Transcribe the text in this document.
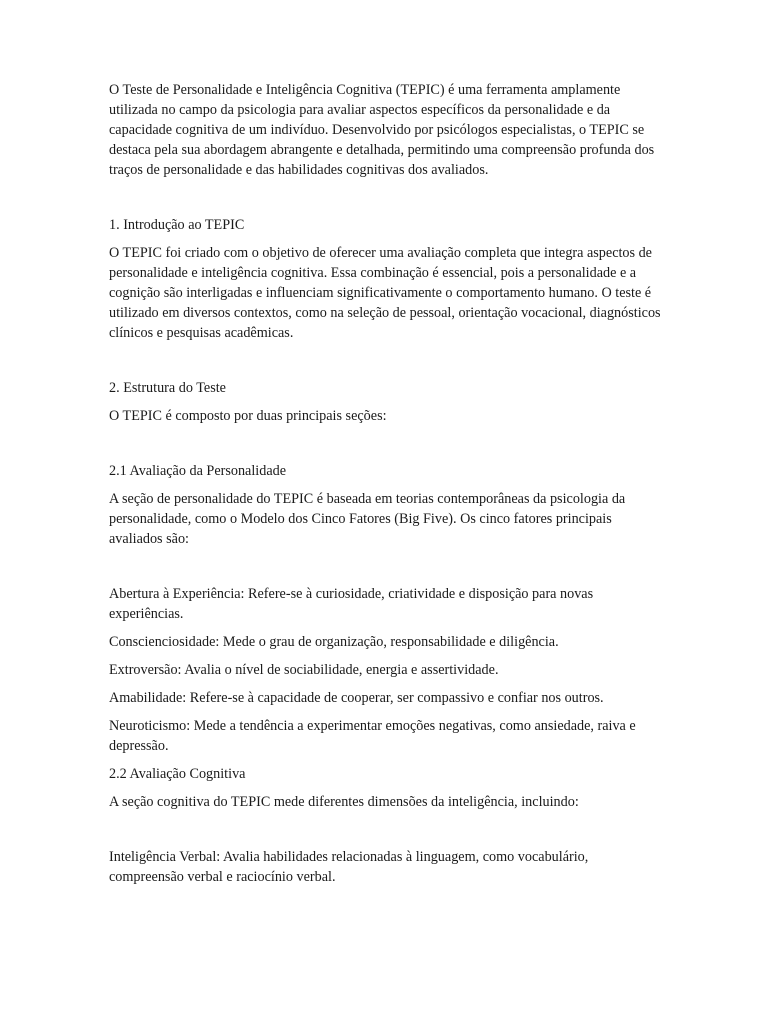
O Teste de Personalidade e Inteligência Cognitiva (TEPIC) é uma ferramenta amplamente utilizada no campo da psicologia para avaliar aspectos específicos da personalidade e da capacidade cognitiva de um indivíduo. Desenvolvido por psicólogos especialistas, o TEPIC se destaca pela sua abordagem abrangente e detalhada, permitindo uma compreensão profunda dos traços de personalidade e das habilidades cognitivas dos avaliados.

1. Introdução ao TEPIC

O TEPIC foi criado com o objetivo de oferecer uma avaliação completa que integra aspectos de personalidade e inteligência cognitiva. Essa combinação é essencial, pois a personalidade e a cognição são interligadas e influenciam significativamente o comportamento humano. O teste é utilizado em diversos contextos, como na seleção de pessoal, orientação vocacional, diagnósticos clínicos e pesquisas acadêmicas.

2. Estrutura do Teste

O TEPIC é composto por duas principais seções:

2.1 Avaliação da Personalidade

A seção de personalidade do TEPIC é baseada em teorias contemporâneas da psicologia da personalidade, como o Modelo dos Cinco Fatores (Big Five). Os cinco fatores principais avaliados são:

Abertura à Experiência: Refere-se à curiosidade, criatividade e disposição para novas experiências.

Conscienciosidade: Mede o grau de organização, responsabilidade e diligência.

Extroversão: Avalia o nível de sociabilidade, energia e assertividade.

Amabilidade: Refere-se à capacidade de cooperar, ser compassivo e confiar nos outros.

Neuroticismo: Mede a tendência a experimentar emoções negativas, como ansiedade, raiva e depressão.

2.2 Avaliação Cognitiva

A seção cognitiva do TEPIC mede diferentes dimensões da inteligência, incluindo:

Inteligência Verbal: Avalia habilidades relacionadas à linguagem, como vocabulário, compreensão verbal e raciocínio verbal.
